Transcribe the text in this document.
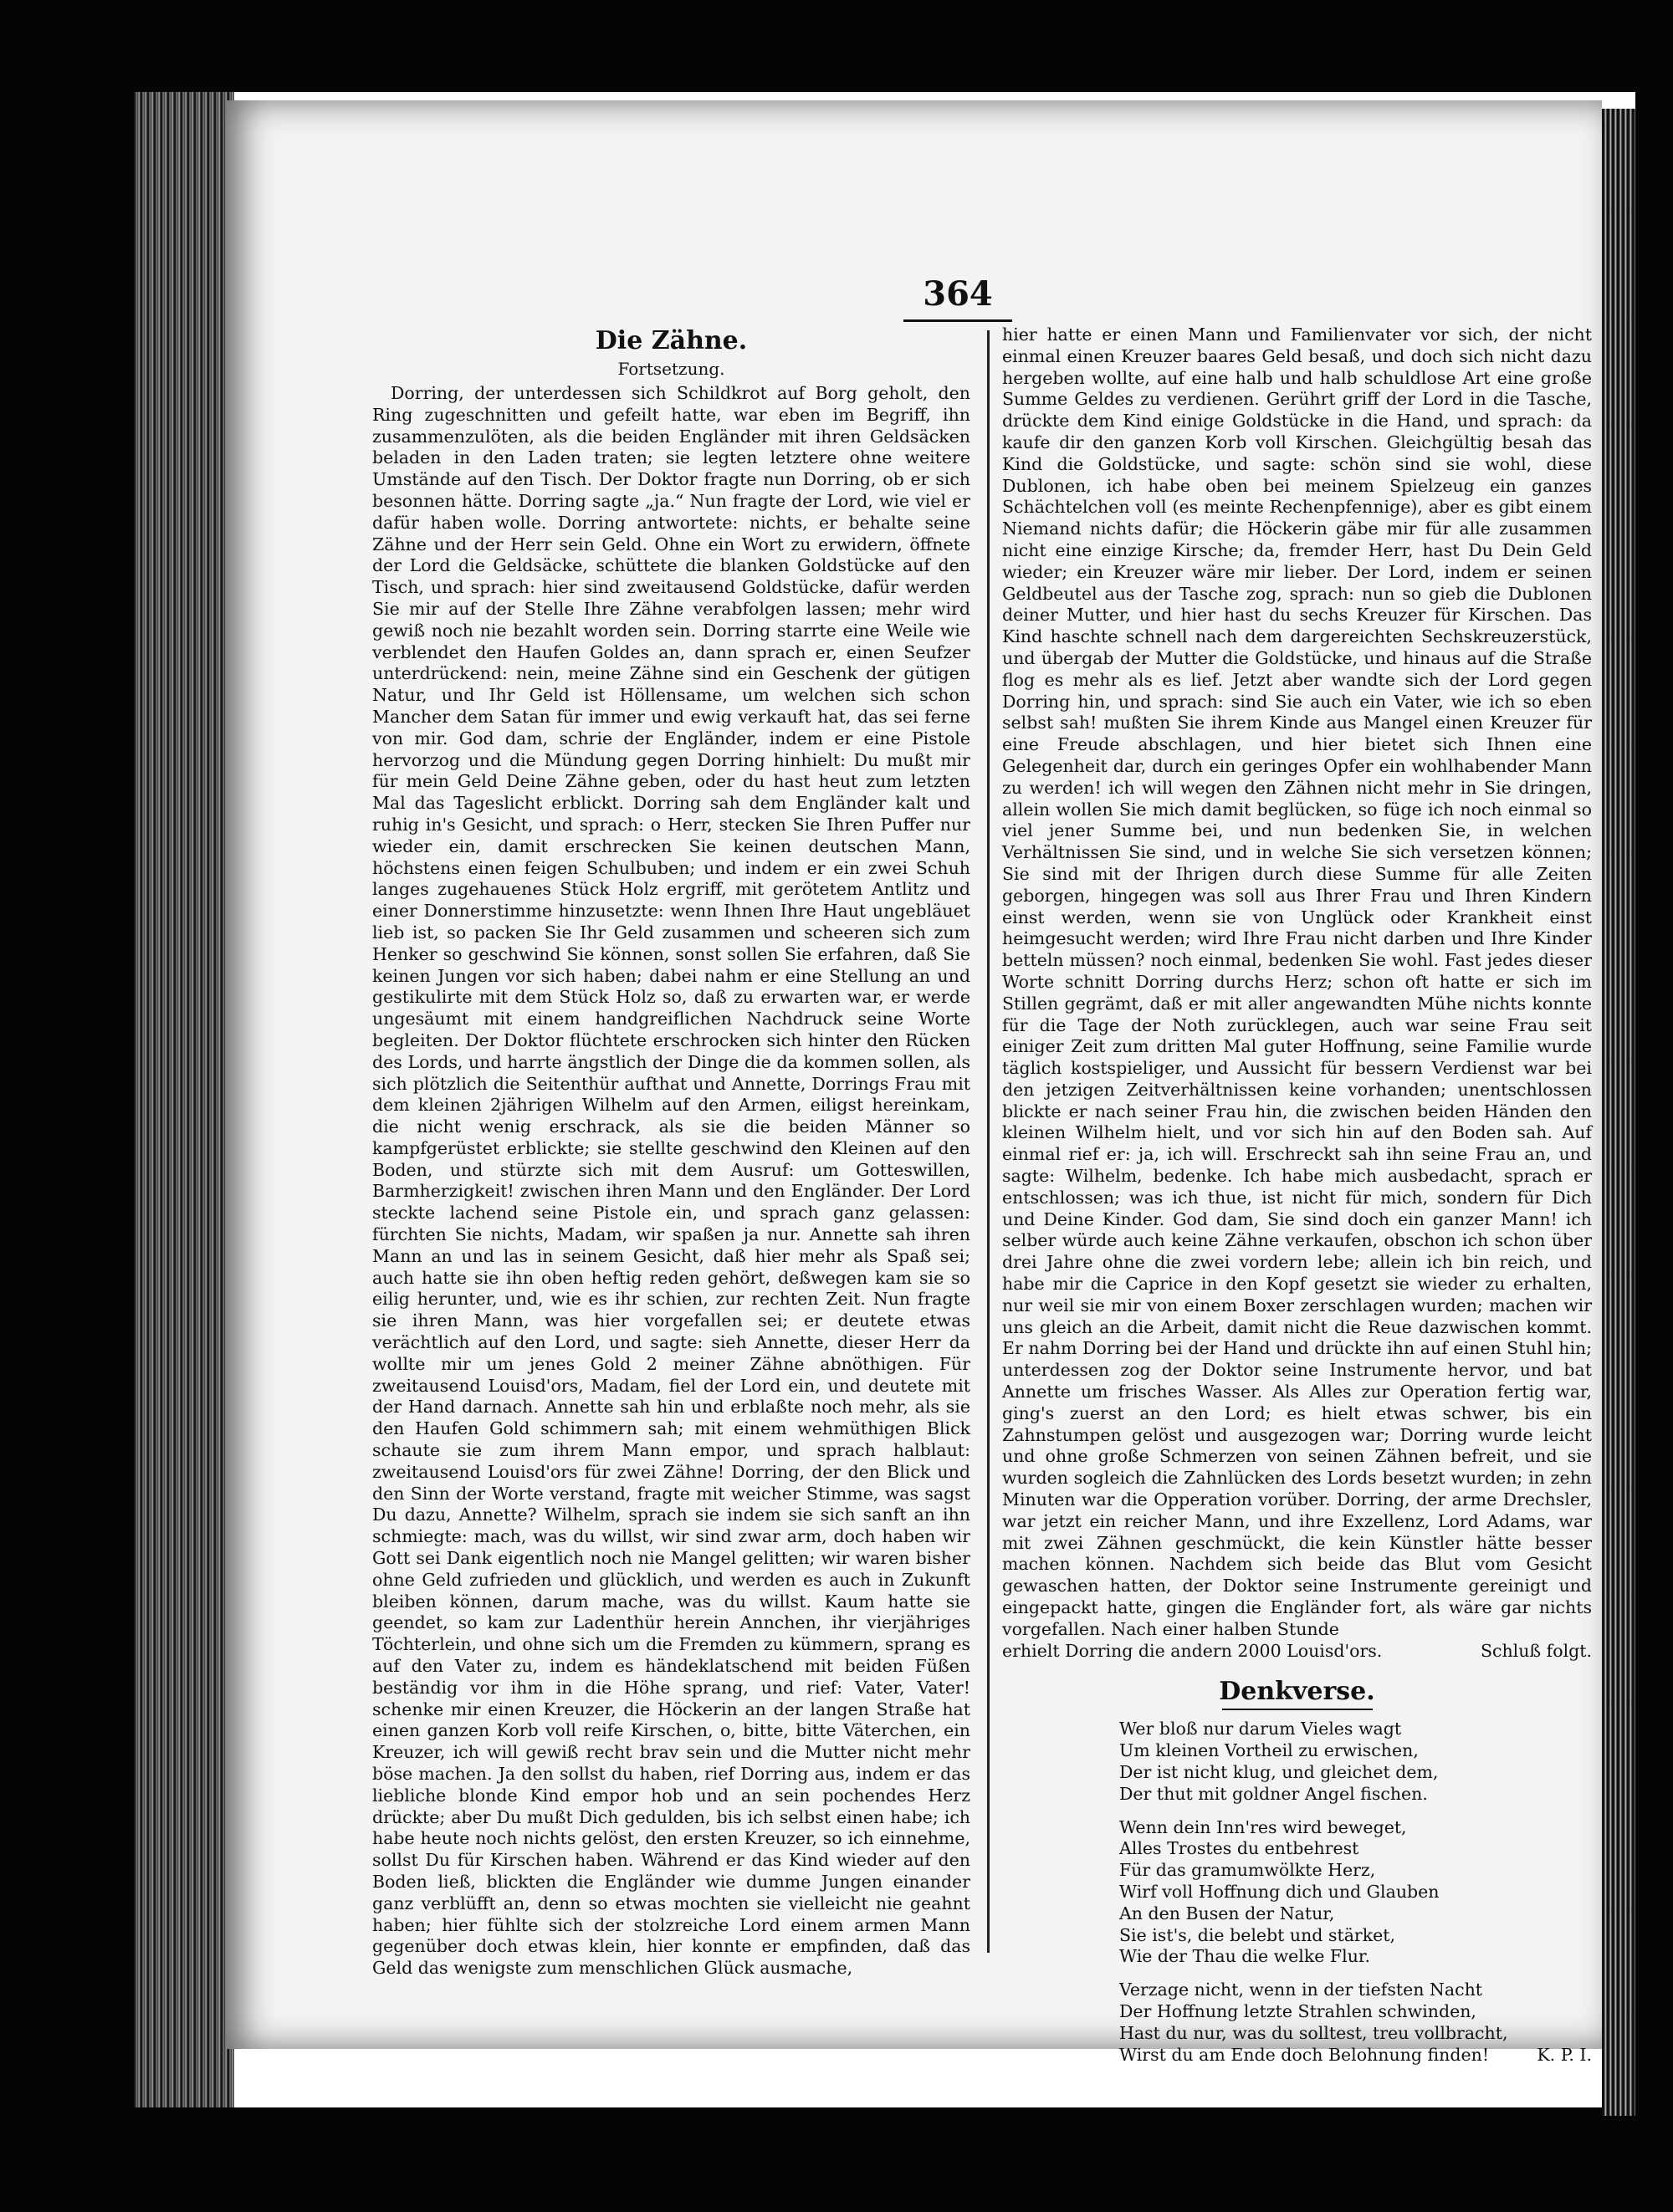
364
Die Zähne.
Fortsetzung.

Dorring, der unterdessen sich Schildkrot auf Borg geholt, den Ring zugeschnitten und gefeilt hatte, war eben im Begriff, ihn zusammenzulöten, als die beiden Engländer mit ihren Geldsäcken beladen in den Laden traten; sie legten letztere ohne weitere Umstände auf den Tisch. Der Doktor fragte nun Dorring, ob er sich besonnen hätte. Dorring sagte „ja.“ Nun fragte der Lord, wie viel er dafür haben wolle. Dorring antwortete: nichts, er behalte seine Zähne und der Herr sein Geld. Ohne ein Wort zu erwidern, öffnete der Lord die Geldsäcke, schüttete die blanken Goldstücke auf den Tisch, und sprach: hier sind zweitausend Goldstücke, dafür werden Sie mir auf der Stelle Ihre Zähne verabfolgen lassen; mehr wird gewiß noch nie bezahlt worden sein. Dorring starrte eine Weile wie verblendet den Haufen Goldes an, dann sprach er, einen Seufzer unterdrückend: nein, meine Zähne sind ein Geschenk der gütigen Natur, und Ihr Geld ist Höllensame, um welchen sich schon Mancher dem Satan für immer und ewig verkauft hat, das sei ferne von mir. God dam, schrie der Engländer, indem er eine Pistole hervorzog und die Mündung gegen Dorring hinhielt: Du mußt mir für mein Geld Deine Zähne geben, oder du hast heut zum letzten Mal das Tageslicht erblickt. Dorring sah dem Engländer kalt und ruhig in's Gesicht, und sprach: o Herr, stecken Sie Ihren Puffer nur wieder ein, damit erschrecken Sie keinen deutschen Mann, höchstens einen feigen Schulbuben; und indem er ein zwei Schuh langes zugehauenes Stück Holz ergriff, mit gerötetem Antlitz und einer Donnerstimme hinzusetzte: wenn Ihnen Ihre Haut ungebläuet lieb ist, so packen Sie Ihr Geld zusammen und scheeren sich zum Henker so geschwind Sie können, sonst sollen Sie erfahren, daß Sie keinen Jungen vor sich haben; dabei nahm er eine Stellung an und gestikulirte mit dem Stück Holz so, daß zu erwarten war, er werde ungesäumt mit einem handgreiflichen Nachdruck seine Worte begleiten. Der Doktor flüchtete erschrocken sich hinter den Rücken des Lords, und harrte ängstlich der Dinge die da kommen sollen, als sich plötzlich die Seitenthür aufthat und Annette, Dorrings Frau mit dem kleinen 2jährigen Wilhelm auf den Armen, eiligst hereinkam, die nicht wenig erschrack, als sie die beiden Männer so kampfgerüstet erblickte; sie stellte geschwind den Kleinen auf den Boden, und stürzte sich mit dem Ausruf: um Gotteswillen, Barmherzigkeit! zwischen ihren Mann und den Engländer. Der Lord steckte lachend seine Pistole ein, und sprach ganz gelassen: fürchten Sie nichts, Madam, wir spaßen ja nur. Annette sah ihren Mann an und las in seinem Gesicht, daß hier mehr als Spaß sei; auch hatte sie ihn oben heftig reden gehört, deßwegen kam sie so eilig herunter, und, wie es ihr schien, zur rechten Zeit. Nun fragte sie ihren Mann, was hier vorgefallen sei; er deutete etwas verächtlich auf den Lord, und sagte: sieh Annette, dieser Herr da wollte mir um jenes Gold 2 meiner Zähne abnöthigen. Für zweitausend Louisd'ors, Madam, fiel der Lord ein, und deutete mit der Hand darnach. Annette sah hin und erblaßte noch mehr, als sie den Haufen Gold schimmern sah; mit einem wehmüthigen Blick schaute sie zum ihrem Mann empor, und sprach halblaut: zweitausend Louisd'ors für zwei Zähne! Dorring, der den Blick und den Sinn der Worte verstand, fragte mit weicher Stimme, was sagst Du dazu, Annette? Wilhelm, sprach sie indem sie sich sanft an ihn schmiegte: mach, was du willst, wir sind zwar arm, doch haben wir Gott sei Dank eigentlich noch nie Mangel gelitten; wir waren bisher ohne Geld zufrieden und glücklich, und werden es auch in Zukunft bleiben können, darum mache, was du willst. Kaum hatte sie geendet, so kam zur Ladenthür herein Annchen, ihr vierjähriges Töchterlein, und ohne sich um die Fremden zu kümmern, sprang es auf den Vater zu, indem es händeklatschend mit beiden Füßen beständig vor ihm in die Höhe sprang, und rief: Vater, Vater! schenke mir einen Kreuzer, die Höckerin an der langen Straße hat einen ganzen Korb voll reife Kirschen, o, bitte, bitte Väterchen, ein Kreuzer, ich will gewiß recht brav sein und die Mutter nicht mehr böse machen. Ja den sollst du haben, rief Dorring aus, indem er das liebliche blonde Kind empor hob und an sein pochendes Herz drückte; aber Du mußt Dich gedulden, bis ich selbst einen habe; ich habe heute noch nichts gelöst, den ersten Kreuzer, so ich einnehme, sollst Du für Kirschen haben. Während er das Kind wieder auf den Boden ließ, blickten die Engländer wie dumme Jungen einander ganz verblüfft an, denn so etwas mochten sie vielleicht nie geahnt haben; hier fühlte sich der stolzreiche Lord einem armen Mann gegenüber doch etwas klein, hier konnte er empfinden, daß das Geld das wenigste zum menschlichen Glück ausmache,

hier hatte er einen Mann und Familienvater vor sich, der nicht einmal einen Kreuzer baares Geld besaß, und doch sich nicht dazu hergeben wollte, auf eine halb und halb schuldlose Art eine große Summe Geldes zu verdienen. Gerührt griff der Lord in die Tasche, drückte dem Kind einige Goldstücke in die Hand, und sprach: da kaufe dir den ganzen Korb voll Kirschen. Gleichgültig besah das Kind die Goldstücke, und sagte: schön sind sie wohl, diese Dublonen, ich habe oben bei meinem Spielzeug ein ganzes Schächtelchen voll (es meinte Rechenpfennige), aber es gibt einem Niemand nichts dafür; die Höckerin gäbe mir für alle zusammen nicht eine einzige Kirsche; da, fremder Herr, hast Du Dein Geld wieder; ein Kreuzer wäre mir lieber. Der Lord, indem er seinen Geldbeutel aus der Tasche zog, sprach: nun so gieb die Dublonen deiner Mutter, und hier hast du sechs Kreuzer für Kirschen. Das Kind haschte schnell nach dem dargereichten Sechskreuzerstück, und übergab der Mutter die Goldstücke, und hinaus auf die Straße flog es mehr als es lief. Jetzt aber wandte sich der Lord gegen Dorring hin, und sprach: sind Sie auch ein Vater, wie ich so eben selbst sah! mußten Sie ihrem Kinde aus Mangel einen Kreuzer für eine Freude abschlagen, und hier bietet sich Ihnen eine Gelegenheit dar, durch ein geringes Opfer ein wohlhabender Mann zu werden! ich will wegen den Zähnen nicht mehr in Sie dringen, allein wollen Sie mich damit beglücken, so füge ich noch einmal so viel jener Summe bei, und nun bedenken Sie, in welchen Verhältnissen Sie sind, und in welche Sie sich versetzen können; Sie sind mit der Ihrigen durch diese Summe für alle Zeiten geborgen, hingegen was soll aus Ihrer Frau und Ihren Kindern einst werden, wenn sie von Unglück oder Krankheit einst heimgesucht werden; wird Ihre Frau nicht darben und Ihre Kinder betteln müssen? noch einmal, bedenken Sie wohl. Fast jedes dieser Worte schnitt Dorring durchs Herz; schon oft hatte er sich im Stillen gegrämt, daß er mit aller angewandten Mühe nichts konnte für die Tage der Noth zurücklegen, auch war seine Frau seit einiger Zeit zum dritten Mal guter Hoffnung, seine Familie wurde täglich kostspieliger, und Aussicht für bessern Verdienst war bei den jetzigen Zeitverhältnissen keine vorhanden; unentschlossen blickte er nach seiner Frau hin, die zwischen beiden Händen den kleinen Wilhelm hielt, und vor sich hin auf den Boden sah. Auf einmal rief er: ja, ich will. Erschreckt sah ihn seine Frau an, und sagte: Wilhelm, bedenke. Ich habe mich ausbedacht, sprach er entschlossen; was ich thue, ist nicht für mich, sondern für Dich und Deine Kinder. God dam, Sie sind doch ein ganzer Mann! ich selber würde auch keine Zähne verkaufen, obschon ich schon über drei Jahre ohne die zwei vordern lebe; allein ich bin reich, und habe mir die Caprice in den Kopf gesetzt sie wieder zu erhalten, nur weil sie mir von einem Boxer zerschlagen wurden; machen wir uns gleich an die Arbeit, damit nicht die Reue dazwischen kommt. Er nahm Dorring bei der Hand und drückte ihn auf einen Stuhl hin; unterdessen zog der Doktor seine Instrumente hervor, und bat Annette um frisches Wasser. Als Alles zur Operation fertig war, ging's zuerst an den Lord; es hielt etwas schwer, bis ein Zahnstumpen gelöst und ausgezogen war; Dorring wurde leicht und ohne große Schmerzen von seinen Zähnen befreit, und sie wurden sogleich die Zahnlücken des Lords besetzt wurden; in zehn Minuten war die Opperation vorüber. Dorring, der arme Drechsler, war jetzt ein reicher Mann, und ihre Exzellenz, Lord Adams, war mit zwei Zähnen geschmückt, die kein Künstler hätte besser machen können. Nachdem sich beide das Blut vom Gesicht gewaschen hatten, der Doktor seine Instrumente gereinigt und eingepackt hatte, gingen die Engländer fort, als wäre gar nichts vorgefallen. Nach einer halben Stunde

erhielt Dorring die andern 2000 Louisd'ors.	Schluß folgt.
Denkverse.
Wer bloß nur darum Vieles wagt
Um kleinen Vortheil zu erwischen,
Der ist nicht klug, und gleichet dem,
Der thut mit goldner Angel fischen.
Wenn dein Inn'res wird beweget,
Alles Trostes du entbehrest
Für das gramumwölkte Herz,
Wirf voll Hoffnung dich und Glauben
An den Busen der Natur,
Sie ist's, die belebt und stärket,
Wie der Thau die welke Flur.
Verzage nicht, wenn in der tiefsten Nacht
Der Hoffnung letzte Strahlen schwinden,
Hast du nur, was du solltest, treu vollbracht,
Wirst du am Ende doch Belohnung finden!	K. P. I.
